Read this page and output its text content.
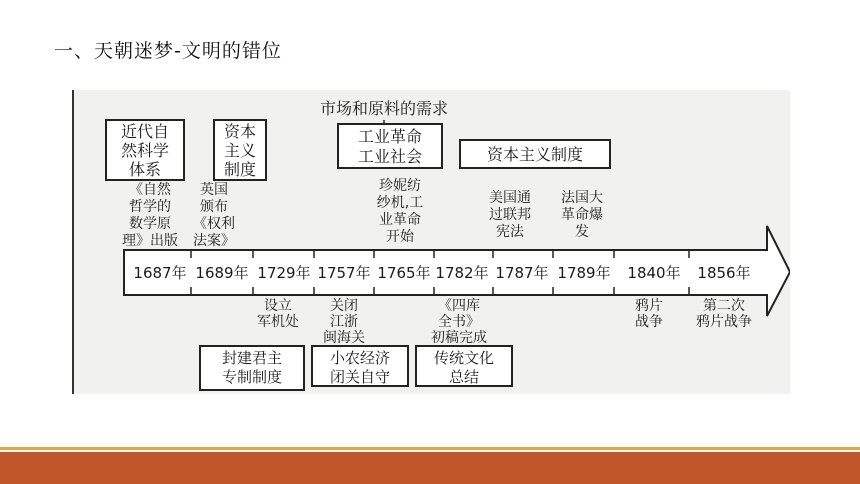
一、天朝迷梦-文明的错位
市场和原料的需求
近代自
然科学
体系
资本
主义
制度
工业革命
工业社会	资本主义制度
1687年 1689年 1729年 1757年 1765年 1782年 1787年 1789年 1840年 1856年
《自然
哲学的
数学原
理》出版
英国
颁布
《权利
法案》
珍妮纺
纱机,工
业革命
开始
美国通
过联邦
宪法
法国大
革命爆
发
设立
军机处
关闭
江浙
闽海关
《四库
全书》
初稿完成
鸦片
战争
第二次
鸦片战争
封建君主
专制制度
小农经济
闭关自守
传统文化
总结
